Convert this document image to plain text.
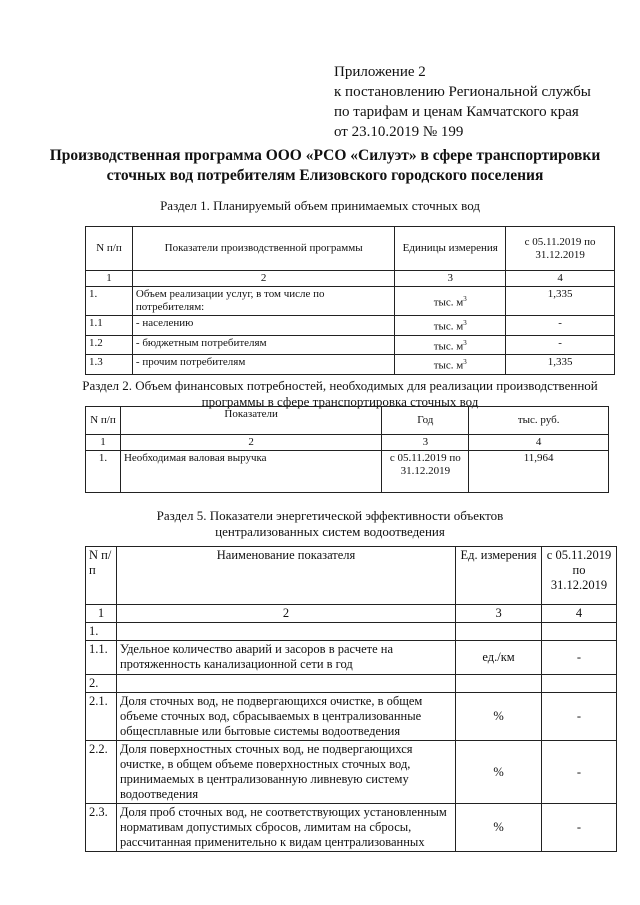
Приложение 2
к постановлению Региональной службы
по тарифам и ценам Камчатского края
от 23.10.2019 № 199
Производственная программа ООО «РСО «Силуэт» в сфере транспортировки
сточных вод потребителям Елизовского городского поселения
Раздел 1. Планируемый объем принимаемых сточных вод
N п/п	Показатели производственной программы	Единицы измерения	с 05.11.2019 по 31.12.2019
1	2	3	4
1.	Объем реализации услуг, в том числе по потребителям:	тыс. $м^3$	1,335
1.1	- населению	тыс. $м^3$	-
1.2	- бюджетным потребителям	тыс. $м^3$	-
1.3	- прочим потребителям	тыс. $м^3$	1,335
Раздел 2. Объем финансовых потребностей, необходимых для реализации производственной
программы в сфере транспортировка сточных вод
N п/п	Показатели	Год	тыс. руб.
1	2	3	4
1.	Необходимая валовая выручка	с 05.11.2019 по 31.12.2019	11,964
Раздел 5. Показатели энергетической эффективности объектов
централизованных систем водоотведения
N п/п	Наименование показателя	Ед. измерения	с 05.11.2019 по 31.12.2019
1	2	3	4
1.			
1.1.	Удельное количество аварий и засоров в расчете на протяженность канализационной сети в год	ед./км	-
2.			
2.1.	Доля сточных вод, не подвергающихся очистке, в общем объеме сточных вод, сбрасываемых в централизованные общесплавные или бытовые системы водоотведения	%	-
2.2.	Доля поверхностных сточных вод, не подвергающихся очистке, в общем объеме поверхностных сточных вод, принимаемых в централизованную ливневую систему водоотведения	%	-
2.3.	Доля проб сточных вод, не соответствующих установленным нормативам допустимых сбросов, лимитам на сбросы, рассчитанная применительно к видам централизованных	%	-
